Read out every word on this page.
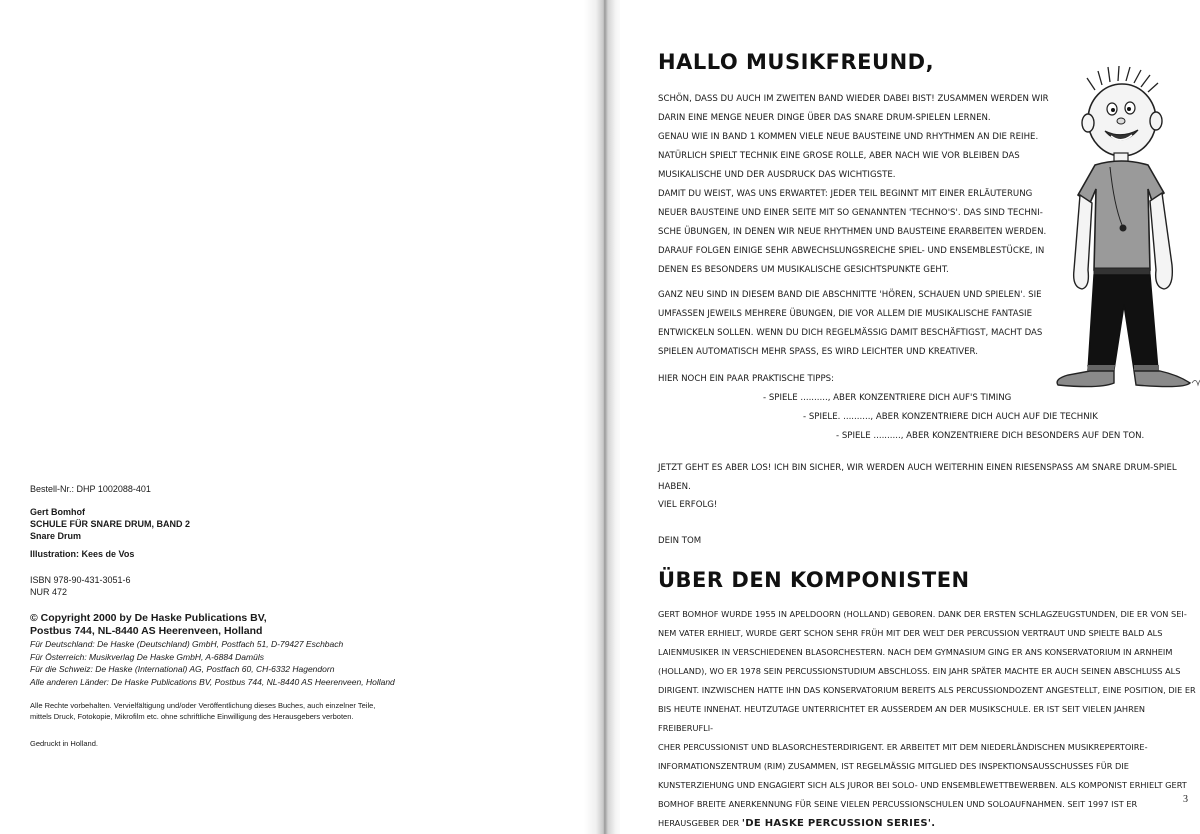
Bestell-Nr.: DHP 1002088-401
Gert Bomhof
SCHULE FÜR SNARE DRUM, BAND 2
Snare Drum
Illustration: Kees de Vos
ISBN 978-90-431-3051-6
NUR 472
© Copyright 2000 by De Haske Publications BV,
Postbus 744, NL-8440 AS Heerenveen, Holland
Für Deutschland: De Haske (Deutschland) GmbH, Postfach 51, D-79427 Eschbach
Für Österreich: Musikverlag De Haske GmbH, A-6884 Damüls
Für die Schweiz: De Haske (International) AG, Postfach 60, CH-6332 Hagendorn
Alle anderen Länder: De Haske Publications BV, Postbus 744, NL-8440 AS Heerenveen, Holland
Alle Rechte vorbehalten. Vervielfältigung und/oder Veröffentlichung dieses Buches, auch einzelner Teile,
mittels Druck, Fotokopie, Mikrofilm etc. ohne schriftliche Einwilligung des Herausgebers verboten.
Gedruckt in Holland.
HALLO MUSIKFREUND,
SCHÖN, DASS DU AUCH IM ZWEITEN BAND WIEDER DABEI BIST! ZUSAMMEN WERDEN WIR
DARIN EINE MENGE NEUER DINGE ÜBER DAS SNARE DRUM-SPIELEN LERNEN.
GENAU WIE IN BAND 1 KOMMEN VIELE NEUE BAUSTEINE UND RHYTHMEN AN DIE REIHE.
NATÜRLICH SPIELT TECHNIK EINE GROSE ROLLE, ABER NACH WIE VOR BLEIBEN DAS
MUSIKALISCHE UND DER AUSDRUCK DAS WICHTIGSTE.
DAMIT DU WEIST, WAS UNS ERWARTET: JEDER TEIL BEGINNT MIT EINER ERLÄUTERUNG
NEUER BAUSTEINE UND EINER SEITE MIT SO GENANNTEN 'TECHNO'S'. DAS SIND TECHNI-
SCHE ÜBUNGEN, IN DENEN WIR NEUE RHYTHMEN UND BAUSTEINE ERARBEITEN WERDEN.
DARAUF FOLGEN EINIGE SEHR ABWECHSLUNGSREICHE SPIEL- UND ENSEMBLESTÜCKE, IN
DENEN ES BESONDERS UM MUSIKALISCHE GESICHTSPUNKTE GEHT.
GANZ NEU SIND IN DIESEM BAND DIE ABSCHNITTE 'HÖREN, SCHAUEN UND SPIELEN'. SIE
UMFASSEN JEWEILS MEHRERE ÜBUNGEN, DIE VOR ALLEM DIE MUSIKALISCHE FANTASIE
ENTWICKELN SOLLEN. WENN DU DICH REGELMÄSSIG DAMIT BESCHÄFTIGST, MACHT DAS
SPIELEN AUTOMATISCH MEHR SPASS, ES WIRD LEICHTER UND KREATIVER.
HIER NOCH EIN PAAR PRAKTISCHE TIPPS:
- SPIELE .........., ABER KONZENTRIERE DICH AUF'S TIMING
- SPIELE. .........., ABER KONZENTRIERE DICH AUCH AUF DIE TECHNIK
- SPIELE .........., ABER KONZENTRIERE DICH BESONDERS AUF DEN TON.
JETZT GEHT ES ABER LOS! ICH BIN SICHER, WIR WERDEN AUCH WEITERHIN EINEN RIESENSPASS AM SNARE DRUM-SPIEL HABEN.
VIEL ERFOLG!
DEIN TOM
ÜBER DEN KOMPONISTEN
GERT BOMHOF WURDE 1955 IN APELDOORN (HOLLAND) GEBOREN. DANK DER ERSTEN SCHLAGZEUGSTUNDEN, DIE ER VON SEI-
NEM VATER ERHIELT, WURDE GERT SCHON SEHR FRÜH MIT DER WELT DER PERCUSSION VERTRAUT UND SPIELTE BALD ALS
LAIENMUSIKER IN VERSCHIEDENEN BLASORCHESTERN. NACH DEM GYMNASIUM GING ER ANS KONSERVATORIUM IN ARNHEIM
(HOLLAND), WO ER 1978 SEIN PERCUSSIONSTUDIUM ABSCHLOSS. EIN JAHR SPÄTER MACHTE ER AUCH SEINEN ABSCHLUSS ALS
DIRIGENT. INZWISCHEN HATTE IHN DAS KONSERVATORIUM BEREITS ALS PERCUSSIONDOZENT ANGESTELLT, EINE POSITION, DIE ER
BIS HEUTE INNEHAT. HEUTZUTAGE UNTERRICHTET ER AUSSERDEM AN DER MUSIKSCHULE. ER IST SEIT VIELEN JAHREN FREIBERUFLI-
CHER PERCUSSIONIST UND BLASORCHESTERDIRIGENT. ER ARBEITET MIT DEM NIEDERLÄNDISCHEN MUSIKREPERTOIRE-
INFORMATIONSZENTRUM (RIM) ZUSAMMEN, IST REGELMÄSSIG MITGLIED DES INSPEKTIONSAUSSCHUSSES FÜR DIE
KUNSTERZIEHUNG UND ENGAGIERT SICH ALS JUROR BEI SOLO- UND ENSEMBLEWETTBEWERBEN. ALS KOMPONIST ERHIELT GERT
BOMHOF BREITE ANERKENNUNG FÜR SEINE VIELEN PERCUSSIONSCHULEN UND SOLOAUFNAHMEN. SEIT 1997 IST ER
HERAUSGEBER DER 'DE HASKE PERCUSSION SERIES'.
3
